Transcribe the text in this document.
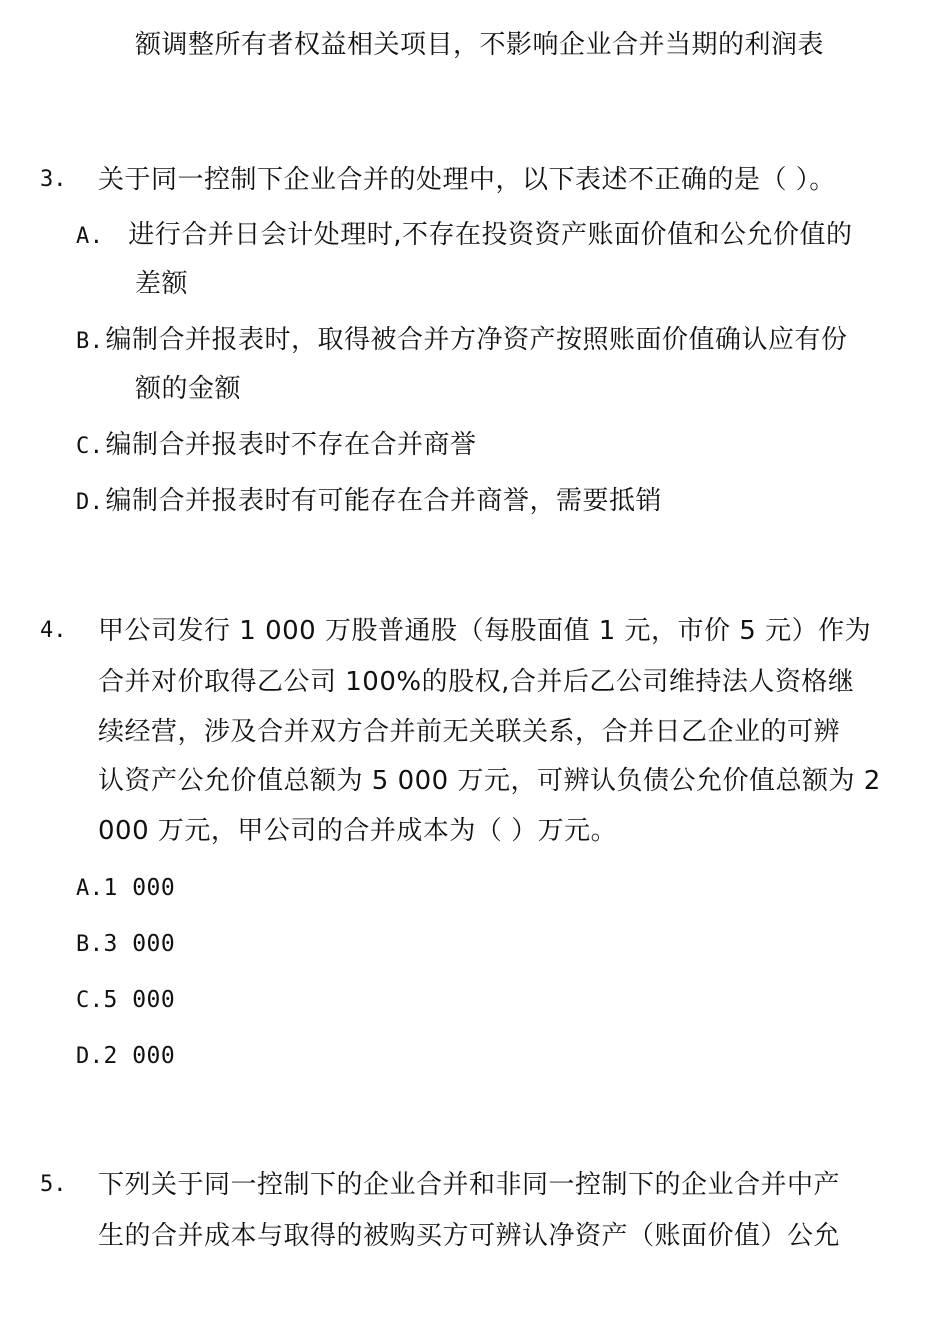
额调整所有者权益相关项目，不影响企业合并当期的利润表
3. 关于同一控制下企业合并的处理中，以下表述不正确的是（ ）。
A. 进行合并日会计处理时,不存在投资资产账面价值和公允价值的
差额
B.编制合并报表时，取得被合并方净资产按照账面价值确认应有份
额的金额
C.编制合并报表时不存在合并商誉
D.编制合并报表时有可能存在合并商誉，需要抵销
4. 甲公司发行 1 000 万股普通股（每股面值 1 元，市价 5 元）作为
合并对价取得乙公司 100%的股权,合并后乙公司维持法人资格继
续经营，涉及合并双方合并前无关联关系，合并日乙企业的可辨
认资产公允价值总额为 5 000 万元，可辨认负债公允价值总额为 2
000 万元，甲公司的合并成本为（ ）万元。
A.1 000
B.3 000
C.5 000
D.2 000
5. 下列关于同一控制下的企业合并和非同一控制下的企业合并中产
生的合并成本与取得的被购买方可辨认净资产（账面价值）公允
